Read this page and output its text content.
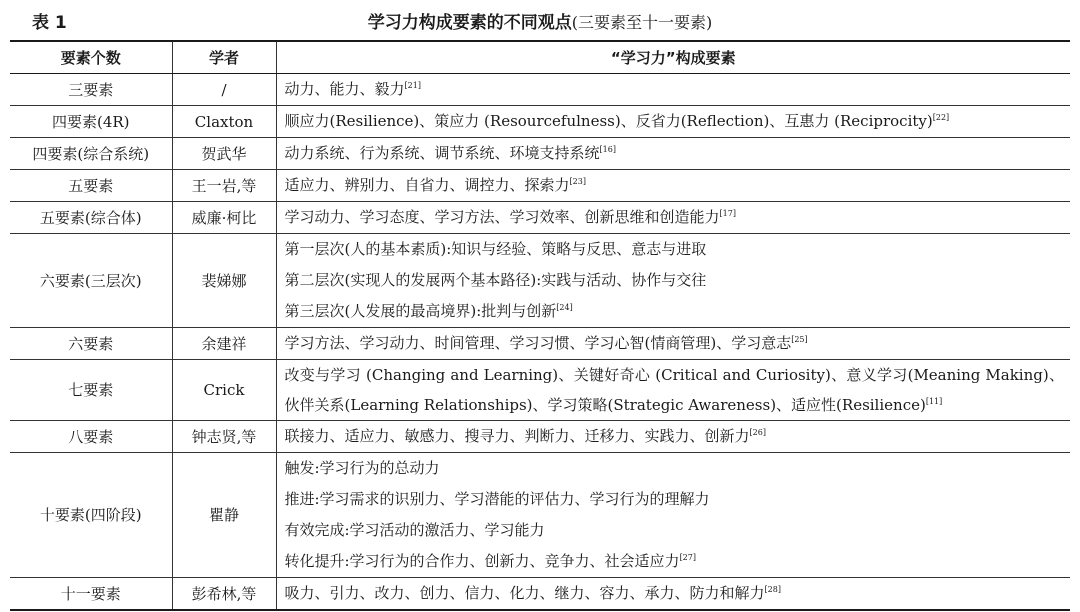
表 1	学习力构成要素的不同观点(三要素至十一要素)
要素个数	学者	“学习力”构成要素
三要素	/	动力、能力、毅力[21]

四要素(4R)	Claxton	顺应力(Resilience)、策应力 (Resourcefulness)、反省力(Reflection)、互惠力 (Reciprocity)[22]

四要素(综合系统)	贺武华	动力系统、行为系统、调节系统、环境支持系统[16]

五要素	王一岩,等	适应力、辨别力、自省力、调控力、探索力[23]

五要素(综合体)	威廉·柯比	学习动力、学习态度、学习方法、学习效率、创新思维和创造能力[17]

六要素(三层次)	裴娣娜	第一层次(人的基本素质):知识与经验、策略与反思、意志与进取
第二层次(实现人的发展两个基本路径):实践与活动、协作与交往
第三层次(人发展的最高境界):批判与创新[24]

六要素	余建祥	学习方法、学习动力、时间管理、学习习惯、学习心智(情商管理)、学习意志[25]

七要素	Crick	改变与学习 (Changing and Learning)、关键好奇心 (Critical and Curiosity)、意义学习(Meaning Making)、伙伴关系(Learning Relationships)、学习策略(Strategic Awareness)、适应性(Resilience)[11]
八要素	钟志贤,等	联接力、适应力、敏感力、搜寻力、判断力、迁移力、实践力、创新力[26]

十要素(四阶段)	瞿静	触发:学习行为的总动力
推进:学习需求的识别力、学习潜能的评估力、学习行为的理解力
有效完成:学习活动的激活力、学习能力
转化提升:学习行为的合作力、创新力、竞争力、社会适应力[27]

十一要素	彭希林,等	吸力、引力、改力、创力、信力、化力、继力、容力、承力、防力和解力[28]
